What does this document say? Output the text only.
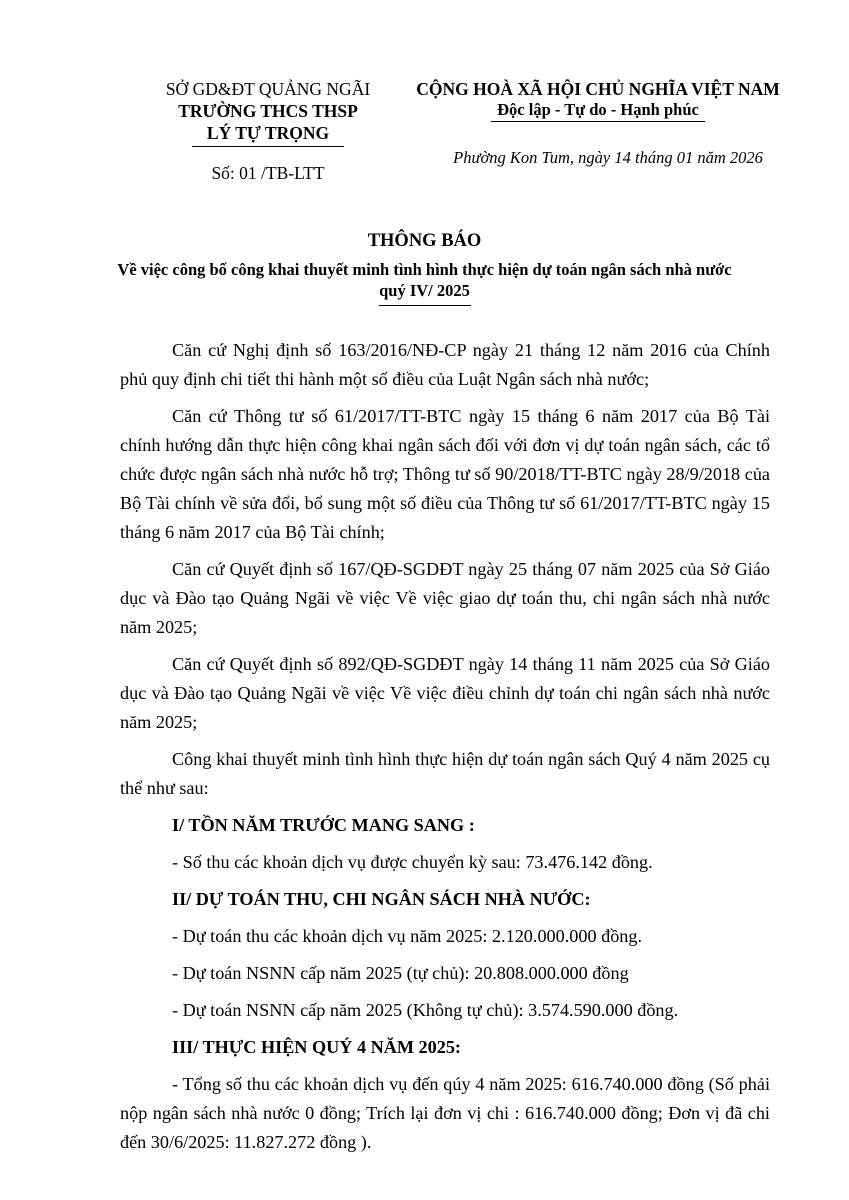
SỞ GD&ĐT QUẢNG NGÃI
TRƯỜNG THCS THSP
LÝ TỰ TRỌNG
Số: 01 /TB-LTT
CỘNG HOÀ XÃ HỘI CHỦ NGHĨA VIỆT NAM
Độc lập - Tự do - Hạnh phúc
Phường Kon Tum, ngày 14 tháng 01 năm 2026
THÔNG BÁO
Về việc công bố công khai thuyết minh tình hình thực hiện dự toán ngân sách nhà nước
quý IV/ 2025

Căn cứ Nghị định số 163/2016/NĐ-CP ngày 21 tháng 12 năm 2016 của Chính phủ quy định chi tiết thi hành một số điều của Luật Ngân sách nhà nước;

Căn cứ Thông tư số 61/2017/TT-BTC ngày 15 tháng 6 năm 2017 của Bộ Tài chính hướng dẫn thực hiện công khai ngân sách đối với đơn vị dự toán ngân sách, các tổ chức được ngân sách nhà nước hỗ trợ; Thông tư số 90/2018/TT-BTC ngày 28/9/2018 của Bộ Tài chính về sửa đổi, bổ sung một số điều của Thông tư số 61/2017/TT-BTC ngày 15 tháng 6 năm 2017 của Bộ Tài chính;

Căn cứ Quyết định số 167/QĐ-SGDĐT ngày 25 tháng 07 năm 2025 của Sở Giáo dục và Đào tạo Quảng Ngãi về việc Về việc giao dự toán thu, chi ngân sách nhà nước năm 2025;

Căn cứ Quyết định số 892/QĐ-SGDĐT ngày 14 tháng 11 năm 2025 của Sở Giáo dục và Đào tạo Quảng Ngãi về việc Về việc điều chỉnh dự toán chi ngân sách nhà nước năm 2025;

Công khai thuyết minh tình hình thực hiện dự toán ngân sách Quý 4 năm 2025 cụ thể như sau:

I/ TỒN NĂM TRƯỚC MANG SANG :
- Số thu các khoản dịch vụ được chuyển kỳ sau: 73.476.142 đồng.
II/ DỰ TOÁN THU, CHI NGÂN SÁCH NHÀ NƯỚC:
- Dự toán thu các khoản dịch vụ năm 2025: 2.120.000.000 đồng.
- Dự toán NSNN cấp năm 2025 (tự chủ): 20.808.000.000 đồng
- Dự toán NSNN cấp năm 2025 (Không tự chủ): 3.574.590.000 đồng.
III/ THỰC HIỆN QUÝ 4 NĂM 2025:

- Tổng số thu các khoản dịch vụ đến qúy 4 năm 2025: 616.740.000 đồng (Số phải nộp ngân sách nhà nước 0 đồng; Trích lại đơn vị chi : 616.740.000 đồng; Đơn vị đã chi đến 30/6/2025: 11.827.272 đồng ).
